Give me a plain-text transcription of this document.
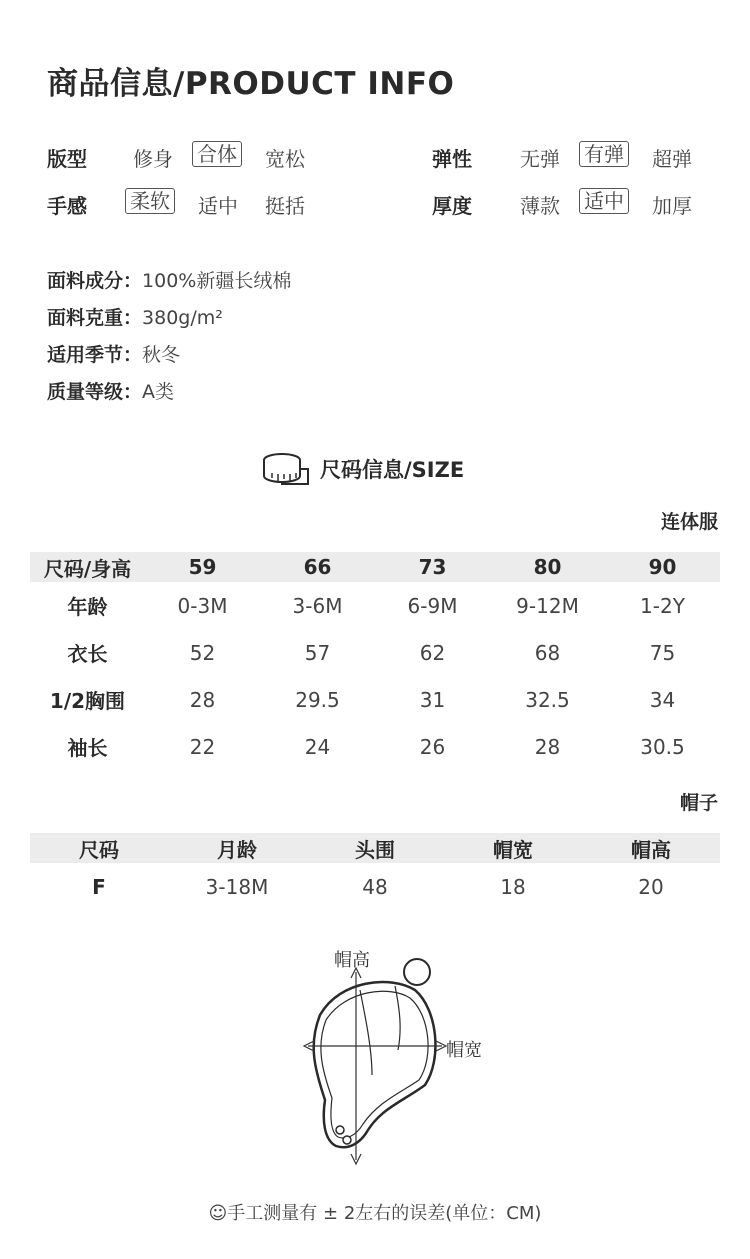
商品信息/PRODUCT INFO
版型 修身 合体 宽松	弹性 无弹 有弹 超弹
手感 柔软 适中 挺括	厚度 薄款 适中 加厚
面料成分：100%新疆长绒棉
面料克重：380g/m²
适用季节：秋冬
质量等级：A类
尺码信息/SIZE
连体服
尺码/身高	59	66	73	80	90
年龄	0-3M	3-6M	6-9M	9-12M	1-2Y
衣长	52	57	62	68	75
1/2胸围	28	29.5	31	32.5	34
袖长	22	24	26	28	30.5
帽子
尺码	月龄	头围	帽宽	帽高
F	3-18M	48	18	20
帽高
帽宽
☺手工测量有 ± 2左右的误差(单位：CM)
